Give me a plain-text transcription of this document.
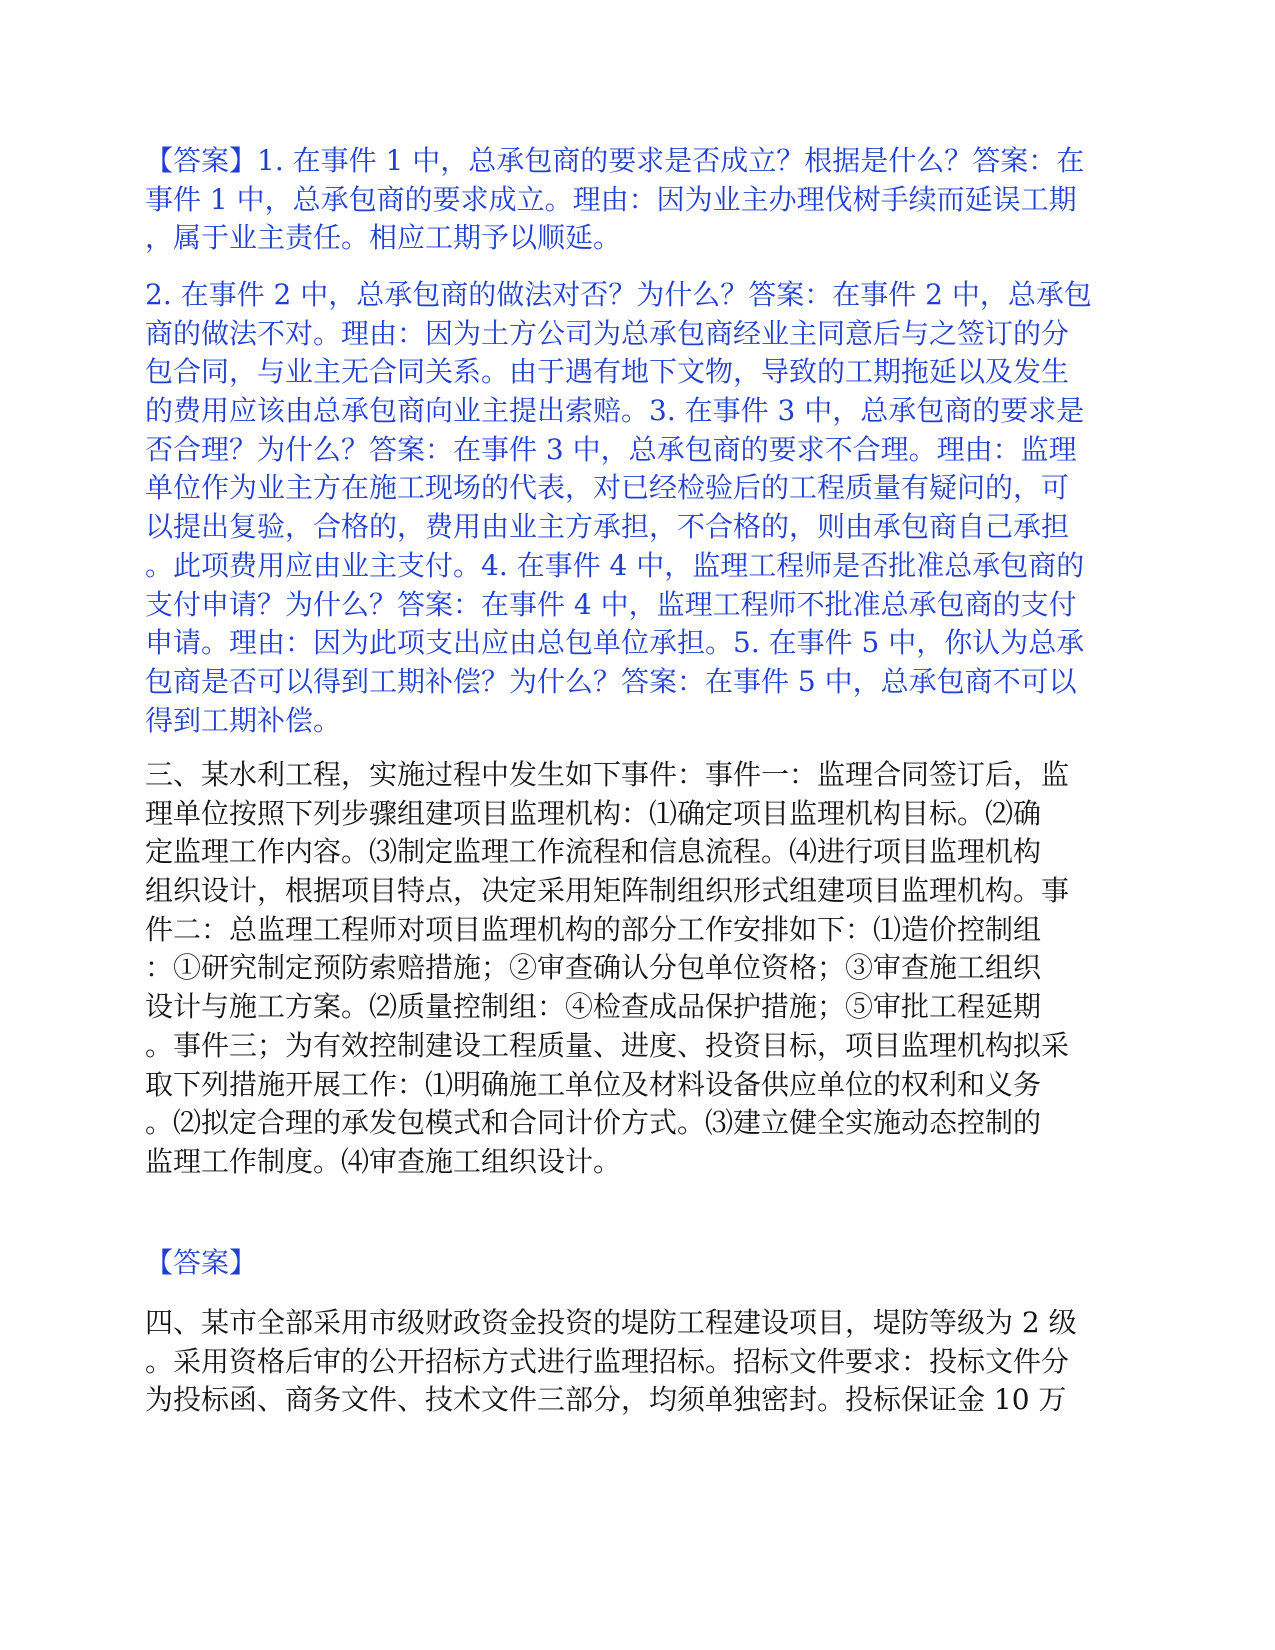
【答案】1. 在事件 1 中，总承包商的要求是否成立？根据是什么？答案：在
事件 1 中，总承包商的要求成立。理由：因为业主办理伐树手续而延误工期
，属于业主责任。相应工期予以顺延。
2. 在事件 2 中，总承包商的做法对否？为什么？答案：在事件 2 中，总承包
商的做法不对。理由：因为土方公司为总承包商经业主同意后与之签订的分
包合同，与业主无合同关系。由于遇有地下文物，导致的工期拖延以及发生
的费用应该由总承包商向业主提出索赔。3. 在事件 3 中，总承包商的要求是
否合理？为什么？答案：在事件 3 中，总承包商的要求不合理。理由：监理
单位作为业主方在施工现场的代表，对已经检验后的工程质量有疑问的，可
以提出复验，合格的，费用由业主方承担，不合格的，则由承包商自己承担
。此项费用应由业主支付。4. 在事件 4 中，监理工程师是否批准总承包商的
支付申请？为什么？答案：在事件 4 中，监理工程师不批准总承包商的支付
申请。理由：因为此项支出应由总包单位承担。5. 在事件 5 中，你认为总承
包商是否可以得到工期补偿？为什么？答案：在事件 5 中，总承包商不可以
得到工期补偿。
三、某水利工程，实施过程中发生如下事件：事件一：监理合同签订后，监
理单位按照下列步骤组建项目监理机构：⑴确定项目监理机构目标。⑵确
定监理工作内容。⑶制定监理工作流程和信息流程。⑷进行项目监理机构
组织设计，根据项目特点，决定采用矩阵制组织形式组建项目监理机构。事
件二：总监理工程师对项目监理机构的部分工作安排如下：⑴造价控制组
：①研究制定预防索赔措施；②审查确认分包单位资格；③审查施工组织
设计与施工方案。⑵质量控制组：④检查成品保护措施；⑤审批工程延期
。事件三；为有效控制建设工程质量、进度、投资目标，项目监理机构拟采
取下列措施开展工作：⑴明确施工单位及材料设备供应单位的权利和义务
。⑵拟定合理的承发包模式和合同计价方式。⑶建立健全实施动态控制的
监理工作制度。⑷审查施工组织设计。
【答案】
四、某市全部采用市级财政资金投资的堤防工程建设项目，堤防等级为 2 级
。采用资格后审的公开招标方式进行监理招标。招标文件要求：投标文件分
为投标函、商务文件、技术文件三部分，均须单独密封。投标保证金 10 万
